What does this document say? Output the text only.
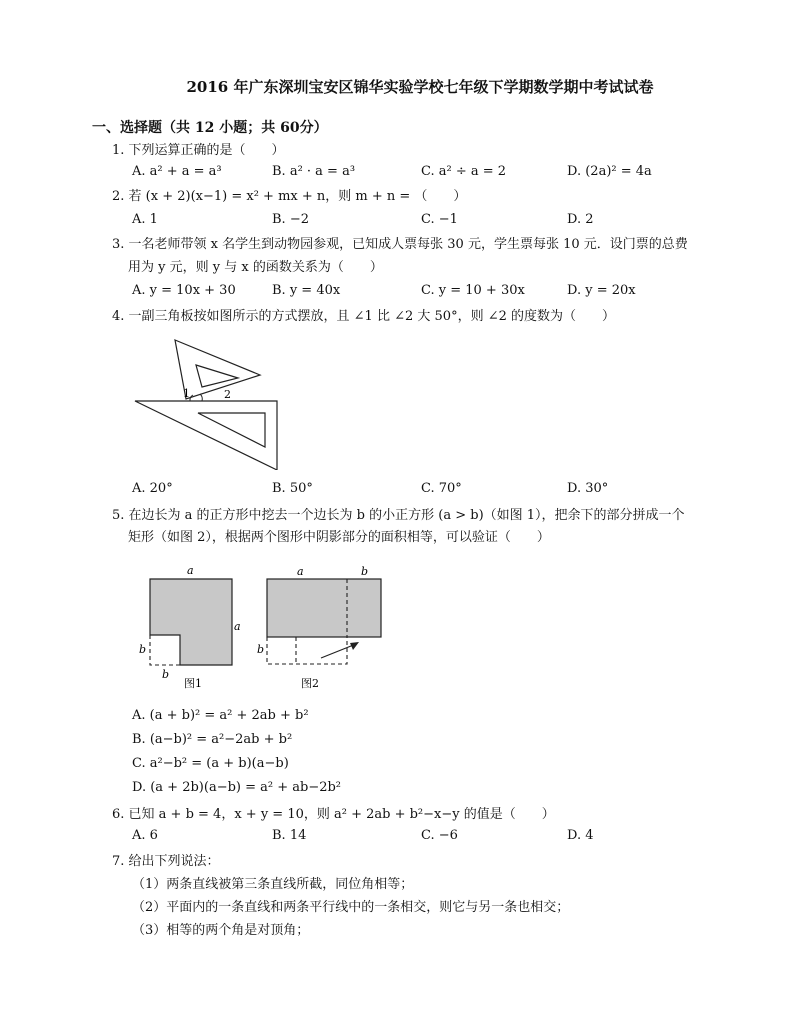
2016 年广东深圳宝安区锦华实验学校七年级下学期数学期中考试试卷
一、选择题（共 12 小题；共 60分）
1. 下列运算正确的是（　　）
A. a² + a = a³	B. a² · a = a³	C. a² ÷ a = 2	D. (2a)² = 4a
2. 若 (x + 2)(x−1) = x² + mx + n，则 m + n = （　　）
A. 1	B. −2	C. −1	D. 2
3. 一名老师带领 x 名学生到动物园参观，已知成人票每张 30 元，学生票每张 10 元．设门票的总费
用为 y 元，则 y 与 x 的函数关系为（　　）
A. y = 10x + 30	B. y = 40x	C. y = 10 + 30x	D. y = 20x
4. 一副三角板按如图所示的方式摆放，且 ∠1 比 ∠2 大 50°，则 ∠2 的度数为（　　）
1	2
A. 20°	B. 50°	C. 70°	D. 30°
5. 在边长为 a 的正方形中挖去一个边长为 b 的小正方形 (a > b)（如图 1），把余下的部分拼成一个
矩形（如图 2），根据两个图形中阴影部分的面积相等，可以验证（　　）
a
a
b
b
图1
a	b
b
图2
A. (a + b)² = a² + 2ab + b²
B. (a−b)² = a²−2ab + b²
C. a²−b² = (a + b)(a−b)
D. (a + 2b)(a−b) = a² + ab−2b²
6. 已知 a + b = 4，x + y = 10，则 a² + 2ab + b²−x−y 的值是（　　）
A. 6	B. 14	C. −6	D. 4
7. 给出下列说法：
（1）两条直线被第三条直线所截，同位角相等；
（2）平面内的一条直线和两条平行线中的一条相交，则它与另一条也相交；
（3）相等的两个角是对顶角；
